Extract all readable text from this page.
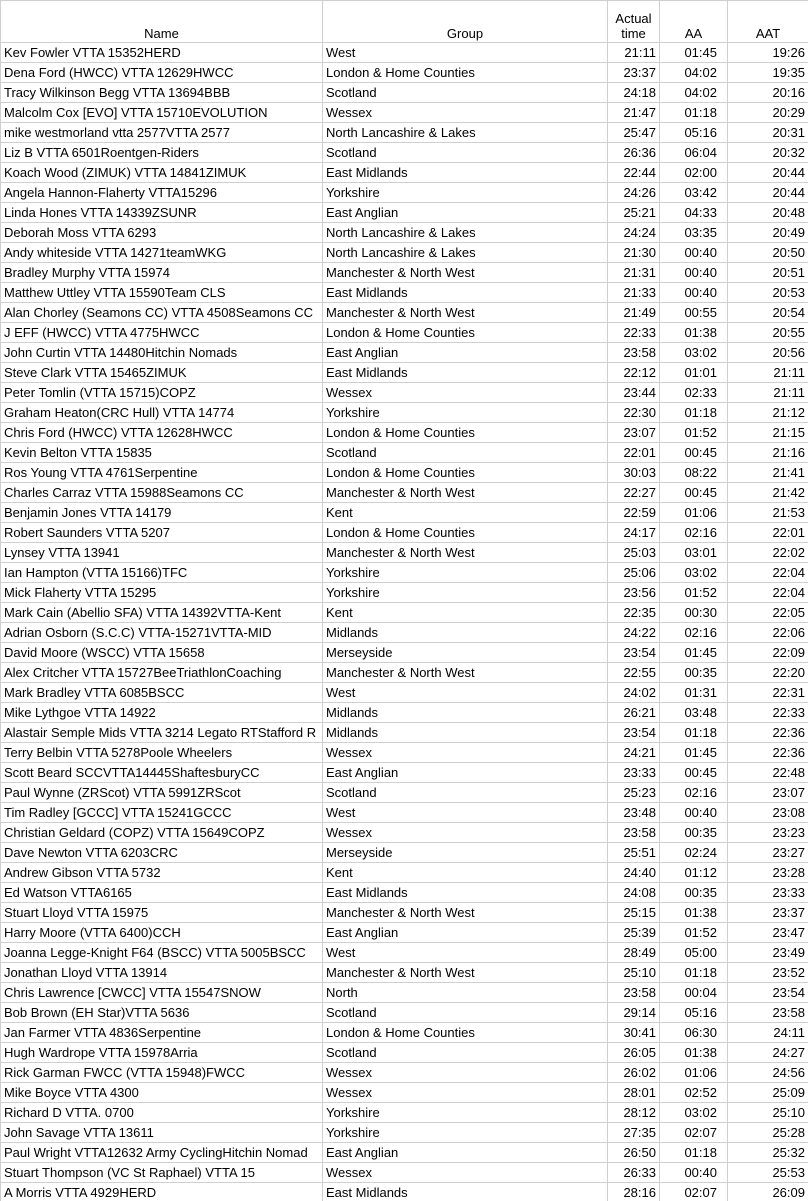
Name	Group	Actual time	AA	AAT
Kev Fowler VTTA 15352HERD	West	21:11	01:45	19:26
Dena Ford (HWCC) VTTA 12629HWCC	London & Home Counties	23:37	04:02	19:35
Tracy Wilkinson Begg VTTA 13694BBB	Scotland	24:18	04:02	20:16
Malcolm Cox [EVO] VTTA 15710EVOLUTION	Wessex	21:47	01:18	20:29
mike westmorland vtta 2577VTTA 2577	North Lancashire & Lakes	25:47	05:16	20:31
Liz B VTTA 6501Roentgen-Riders	Scotland	26:36	06:04	20:32
Koach Wood (ZIMUK) VTTA 14841ZIMUK	East Midlands	22:44	02:00	20:44
Angela Hannon-Flaherty VTTA15296	Yorkshire	24:26	03:42	20:44
Linda Hones VTTA 14339ZSUNR	East Anglian	25:21	04:33	20:48
Deborah Moss VTTA 6293	North Lancashire & Lakes	24:24	03:35	20:49
Andy whiteside VTTA 14271teamWKG	North Lancashire & Lakes	21:30	00:40	20:50
Bradley Murphy VTTA 15974	Manchester & North West	21:31	00:40	20:51
Matthew Uttley VTTA 15590Team CLS	East Midlands	21:33	00:40	20:53
Alan Chorley (Seamons CC) VTTA 4508Seamons CC	Manchester & North West	21:49	00:55	20:54
J EFF (HWCC) VTTA 4775HWCC	London & Home Counties	22:33	01:38	20:55
John Curtin VTTA 14480Hitchin Nomads	East Anglian	23:58	03:02	20:56
Steve Clark VTTA 15465ZIMUK	East Midlands	22:12	01:01	21:11
Peter Tomlin (VTTA 15715)COPZ	Wessex	23:44	02:33	21:11
Graham Heaton(CRC Hull) VTTA 14774	Yorkshire	22:30	01:18	21:12
Chris Ford (HWCC) VTTA 12628HWCC	London & Home Counties	23:07	01:52	21:15
Kevin Belton VTTA 15835	Scotland	22:01	00:45	21:16
Ros Young VTTA 4761Serpentine	London & Home Counties	30:03	08:22	21:41
Charles Carraz VTTA 15988Seamons CC	Manchester & North West	22:27	00:45	21:42
Benjamin Jones VTTA 14179	Kent	22:59	01:06	21:53
Robert Saunders VTTA 5207	London & Home Counties	24:17	02:16	22:01
Lynsey VTTA 13941	Manchester & North West	25:03	03:01	22:02
Ian Hampton (VTTA 15166)TFC	Yorkshire	25:06	03:02	22:04
Mick Flaherty VTTA 15295	Yorkshire	23:56	01:52	22:04
Mark Cain (Abellio SFA) VTTA 14392VTTA-Kent	Kent	22:35	00:30	22:05
Adrian Osborn (S.C.C) VTTA-15271VTTA-MID	Midlands	24:22	02:16	22:06
David Moore (WSCC) VTTA 15658	Merseyside	23:54	01:45	22:09
Alex Critcher VTTA 15727BeeTriathlonCoaching	Manchester & North West	22:55	00:35	22:20
Mark Bradley VTTA 6085BSCC	West	24:02	01:31	22:31
Mike Lythgoe VTTA 14922	Midlands	26:21	03:48	22:33
Alastair Semple Mids VTTA 3214 Legato RTStafford R	Midlands	23:54	01:18	22:36
Terry Belbin VTTA 5278Poole Wheelers	Wessex	24:21	01:45	22:36
Scott Beard SCCVTTA14445ShaftesburyCC	East Anglian	23:33	00:45	22:48
Paul Wynne (ZRScot) VTTA 5991ZRScot	Scotland	25:23	02:16	23:07
Tim Radley [GCCC] VTTA 15241GCCC	West	23:48	00:40	23:08
Christian Geldard (COPZ) VTTA 15649COPZ	Wessex	23:58	00:35	23:23
Dave Newton VTTA 6203CRC	Merseyside	25:51	02:24	23:27
Andrew Gibson VTTA 5732	Kent	24:40	01:12	23:28
Ed Watson VTTA6165	East Midlands	24:08	00:35	23:33
Stuart Lloyd VTTA 15975	Manchester & North West	25:15	01:38	23:37
Harry Moore (VTTA 6400)CCH	East Anglian	25:39	01:52	23:47
Joanna Legge-Knight F64 (BSCC) VTTA 5005BSCC	West	28:49	05:00	23:49
Jonathan Lloyd VTTA 13914	Manchester & North West	25:10	01:18	23:52
Chris Lawrence [CWCC] VTTA 15547SNOW	North	23:58	00:04	23:54
Bob Brown (EH Star)VTTA 5636	Scotland	29:14	05:16	23:58
Jan Farmer VTTA 4836Serpentine	London & Home Counties	30:41	06:30	24:11
Hugh Wardrope VTTA 15978Arria	Scotland	26:05	01:38	24:27
Rick Garman FWCC (VTTA 15948)FWCC	Wessex	26:02	01:06	24:56
Mike Boyce VTTA 4300	Wessex	28:01	02:52	25:09
Richard D VTTA. 0700	Yorkshire	28:12	03:02	25:10
John Savage VTTA 13611	Yorkshire	27:35	02:07	25:28
Paul Wright VTTA12632 Army CyclingHitchin Nomad	East Anglian	26:50	01:18	25:32
Stuart Thompson (VC St Raphael) VTTA 15	Wessex	26:33	00:40	25:53
A Morris VTTA 4929HERD	East Midlands	28:16	02:07	26:09
